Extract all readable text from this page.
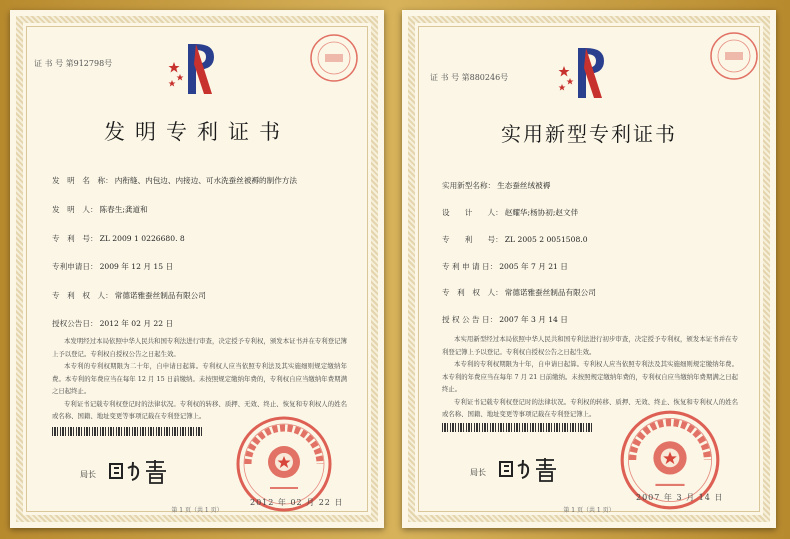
证 书 号 第912798号
发明专利证书
发　明　名　称： 内衔缝、内包边、内接边、可水洗蚕丝被褥的制作方法
发　明　人： 陈春生;龚道和
专　利　号： ZL 2009 1 0226680. 8
专利申请日： 2009 年 12 月 15 日
专　利　权　人： 常德诺雅蚕丝制品有限公司
授权公告日： 2012 年 02 月 22 日
本发明经过本局依照中华人民共和国专利法进行审查，决定授予专利权，颁发本证书并在专利登记簿上予以登记。专利权自授权公告之日起生效。
本专利的专利权期限为二十年，自申请日起算。专利权人应当依照专利法及其实施细则规定缴纳年费。本专利的年费应当在每年 12 月 15 日前缴纳。未按照规定缴纳年费的，专利权自应当缴纳年费期满之日起终止。
专利证书记载专利权登记时的法律状况。专利权的转移、质押、无效、终止、恢复和专利权人的姓名或名称、国籍、地址变更等事项记载在专利登记簿上。
局长
2012 年 02 月 22 日
第 1 页（共 1 页）
证 书 号 第880246号
实用新型专利证书
实用新型名称： 生态蚕丝绒被褥
设　　计　　人： 赵耀华;杨协初;赵文伴
专　　利　　号： ZL 2005 2 0051508.0
专 利 申 请 日： 2005 年 7 月 21 日
专　利　权　人： 常德诺雅蚕丝制品有限公司
授 权 公 告 日： 2007 年 3 月 14 日
本实用新型经过本局依照中华人民共和国专利法进行初步审查，决定授予专利权，颁发本证书并在专利登记簿上予以登记。专利权自授权公告之日起生效。
本专利的专利权期限为十年，自申请日起算。专利权人应当依照专利法及其实施细则规定缴纳年费。本专利的年费应当在每年 7 月 21 日前缴纳。未按照规定缴纳年费的，专利权自应当缴纳年费期满之日起终止。
专利证书记载专利权登记时的法律状况。专利权的转移、质押、无效、终止、恢复和专利权人的姓名或名称、国籍、地址变更等事项记载在专利登记簿上。
局长
2007 年 3 月 14 日
第 1 页（共 1 页）
